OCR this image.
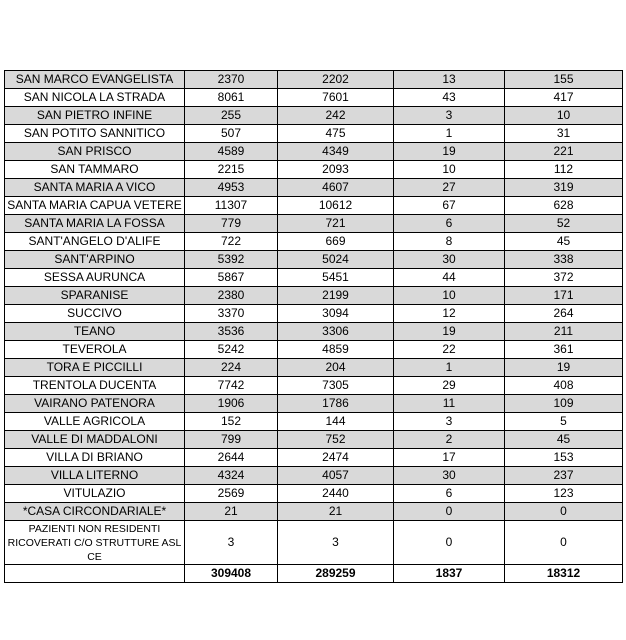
SAN MARCO EVANGELISTA	2370	2202	13	155
SAN NICOLA LA STRADA	8061	7601	43	417
SAN PIETRO INFINE	255	242	3	10
SAN POTITO SANNITICO	507	475	1	31
SAN PRISCO	4589	4349	19	221
SAN TAMMARO	2215	2093	10	112
SANTA MARIA A VICO	4953	4607	27	319
SANTA MARIA CAPUA VETERE	11307	10612	67	628
SANTA MARIA LA FOSSA	779	721	6	52
SANT'ANGELO D'ALIFE	722	669	8	45
SANT'ARPINO	5392	5024	30	338
SESSA AURUNCA	5867	5451	44	372
SPARANISE	2380	2199	10	171
SUCCIVO	3370	3094	12	264
TEANO	3536	3306	19	211
TEVEROLA	5242	4859	22	361
TORA E PICCILLI	224	204	1	19
TRENTOLA DUCENTA	7742	7305	29	408
VAIRANO PATENORA	1906	1786	11	109
VALLE AGRICOLA	152	144	3	5
VALLE DI MADDALONI	799	752	2	45
VILLA DI BRIANO	2644	2474	17	153
VILLA LITERNO	4324	4057	30	237
VITULAZIO	2569	2440	6	123
*CASA CIRCONDARIALE*	21	21	0	0
PAZIENTI NON RESIDENTI RICOVERATI C/O STRUTTURE ASL CE	3	3	0	0
	309408	289259	1837	18312
